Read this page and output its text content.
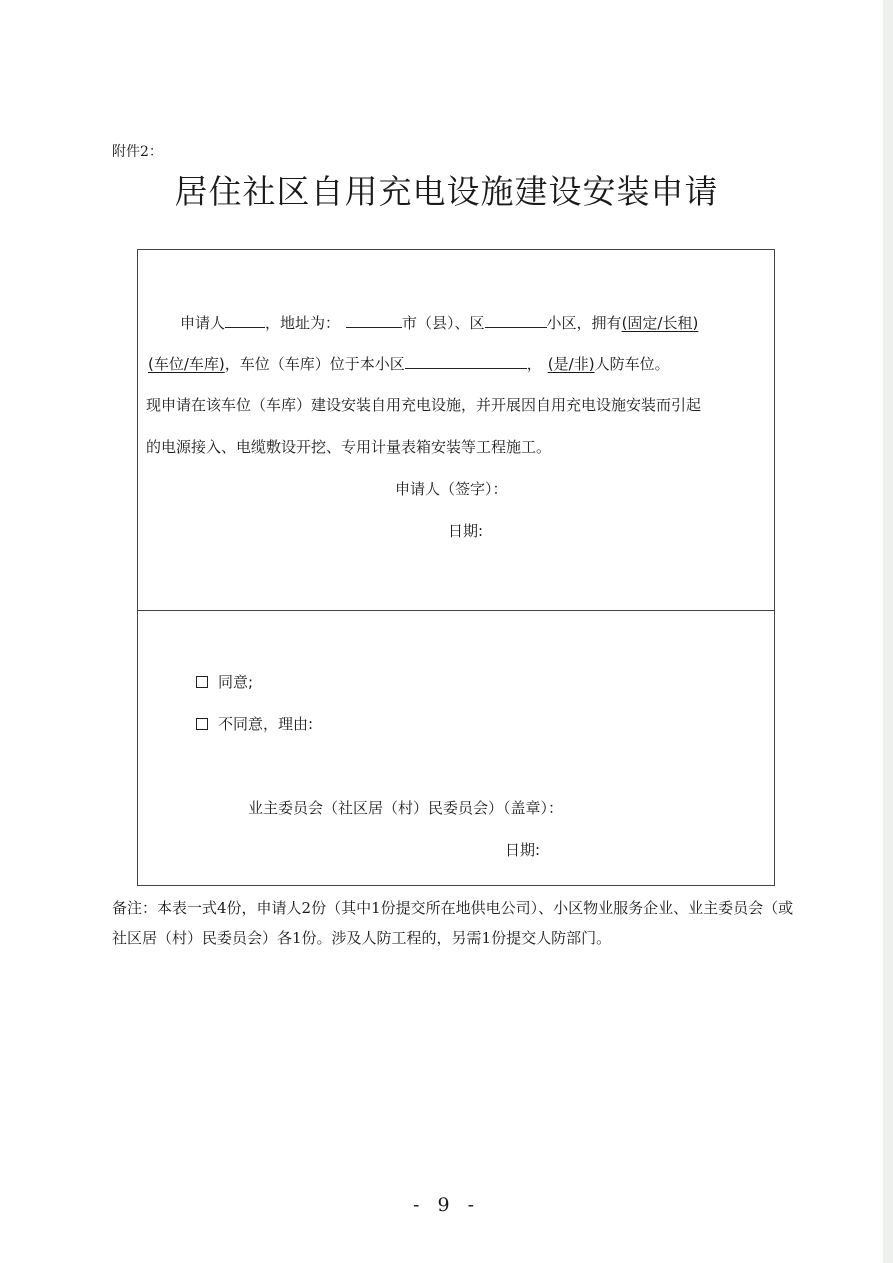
附件2：
居住社区自用充电设施建设安装申请
申请人	，地址为：	市（县）、区	小区，拥有(固定/长租)
(车位/车库)，车位（车库）位于本小区	， (是/非)人防车位。
现申请在该车位（车库）建设安装自用充电设施，并开展因自用充电设施安装而引起
的电源接入、电缆敷设开挖、专用计量表箱安装等工程施工。
申请人（签字）：
日期:
同意;
不同意，理由:
业主委员会（社区居（村）民委员会）（盖章）：
日期:
备注：本表一式4份，申请人2份（其中1份提交所在地供电公司）、小区物业服务企业、业主委员会（或社区居（村）民委员会）各1份。涉及人防工程的，另需1份提交人防部门。
- 9 -
